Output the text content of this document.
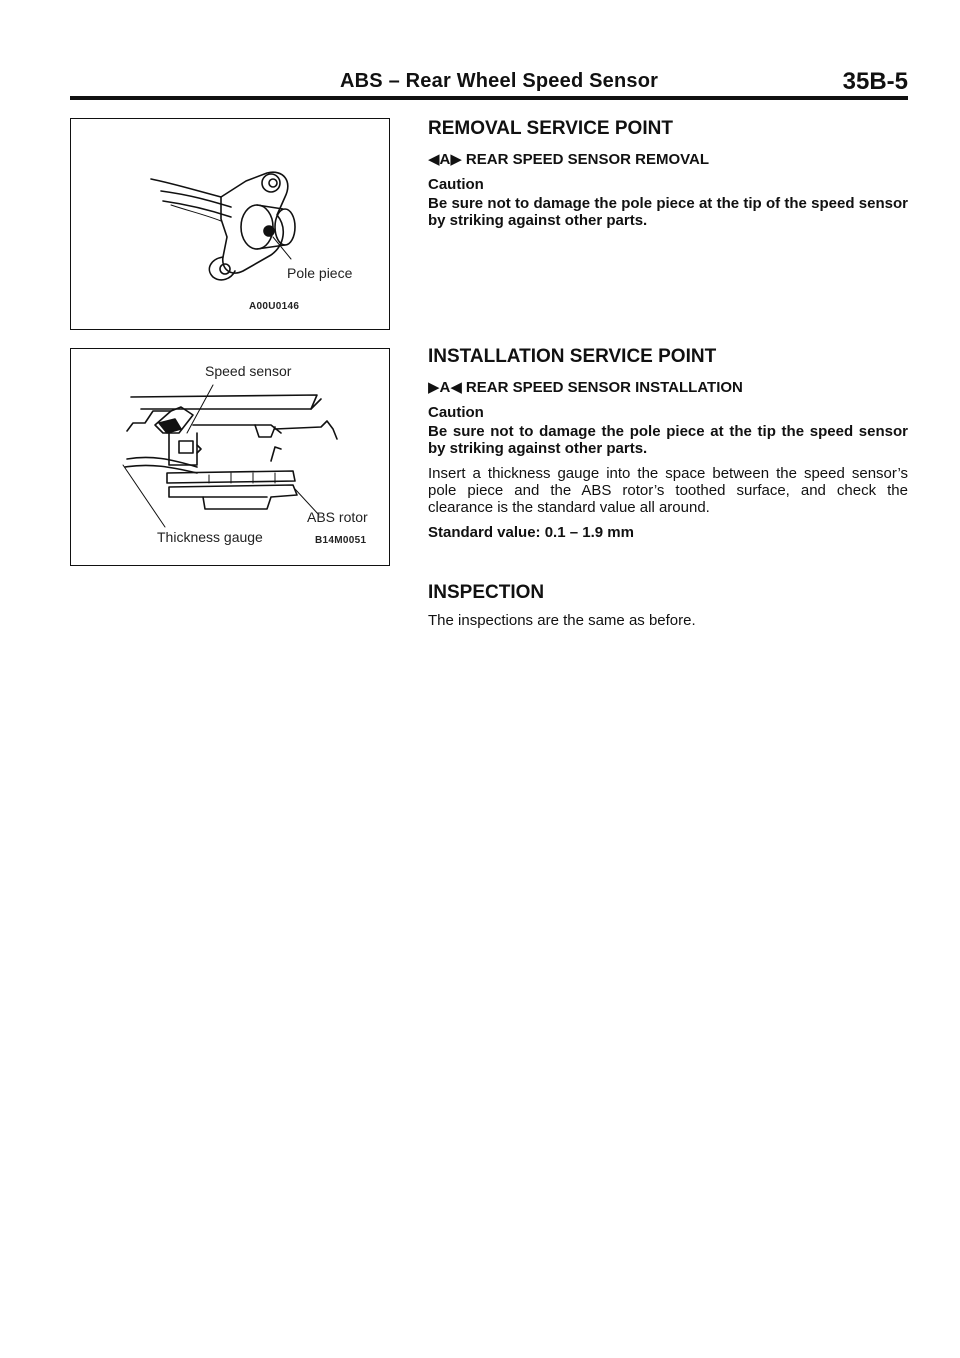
ABS – Rear Wheel Speed Sensor	35B-5
Pole piece
A00U0146
Speed sensor
ABS rotor
Thickness gauge	B14M0051
REMOVAL SERVICE POINT
◀A▶ REAR SPEED SENSOR REMOVAL

Caution

Be sure not to damage the pole piece at the tip of the speed sensor by striking against other parts.

INSTALLATION SERVICE POINT
▶A◀ REAR SPEED SENSOR INSTALLATION

Caution

Be sure not to damage the pole piece at the tip the speed sensor by striking against other parts.

Insert a thickness gauge into the space between the speed sensor’s pole piece and the ABS rotor’s toothed surface, and check the clearance is the standard value all around.

Standard value: 0.1 – 1.9 mm

INSPECTION

The inspections are the same as before.
